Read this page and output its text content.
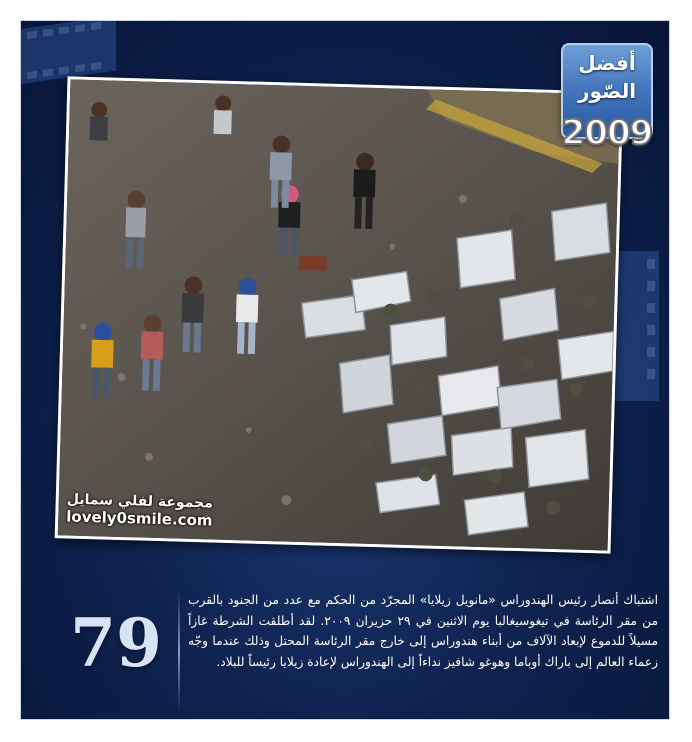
مجموعة لفلي سمايل
lovely0smile.com
أفضل
الصّور
2009
79
اشتباك أنصار رئيس الهندوراس «مانويل زيلايا» المجرّد من الحكم مع عدد من الجنود بالقرب من مقر الرئاسة في تيغوسيغالبا يوم الاثنين في ٢٩ حزيران ٢٠٠٩. لقد أطلقت الشرطة غازاً مسيلاً للدموع لإبعاد الآلاف من أبناء هندوراس إلى خارج مقر الرئاسة المحتل وذلك عندما وجّه زعماء العالم إلى باراك أوباما وهوغو شافيز نداءاً إلى الهندوراس لإعادة زيلايا رئيساً للبلاد.
